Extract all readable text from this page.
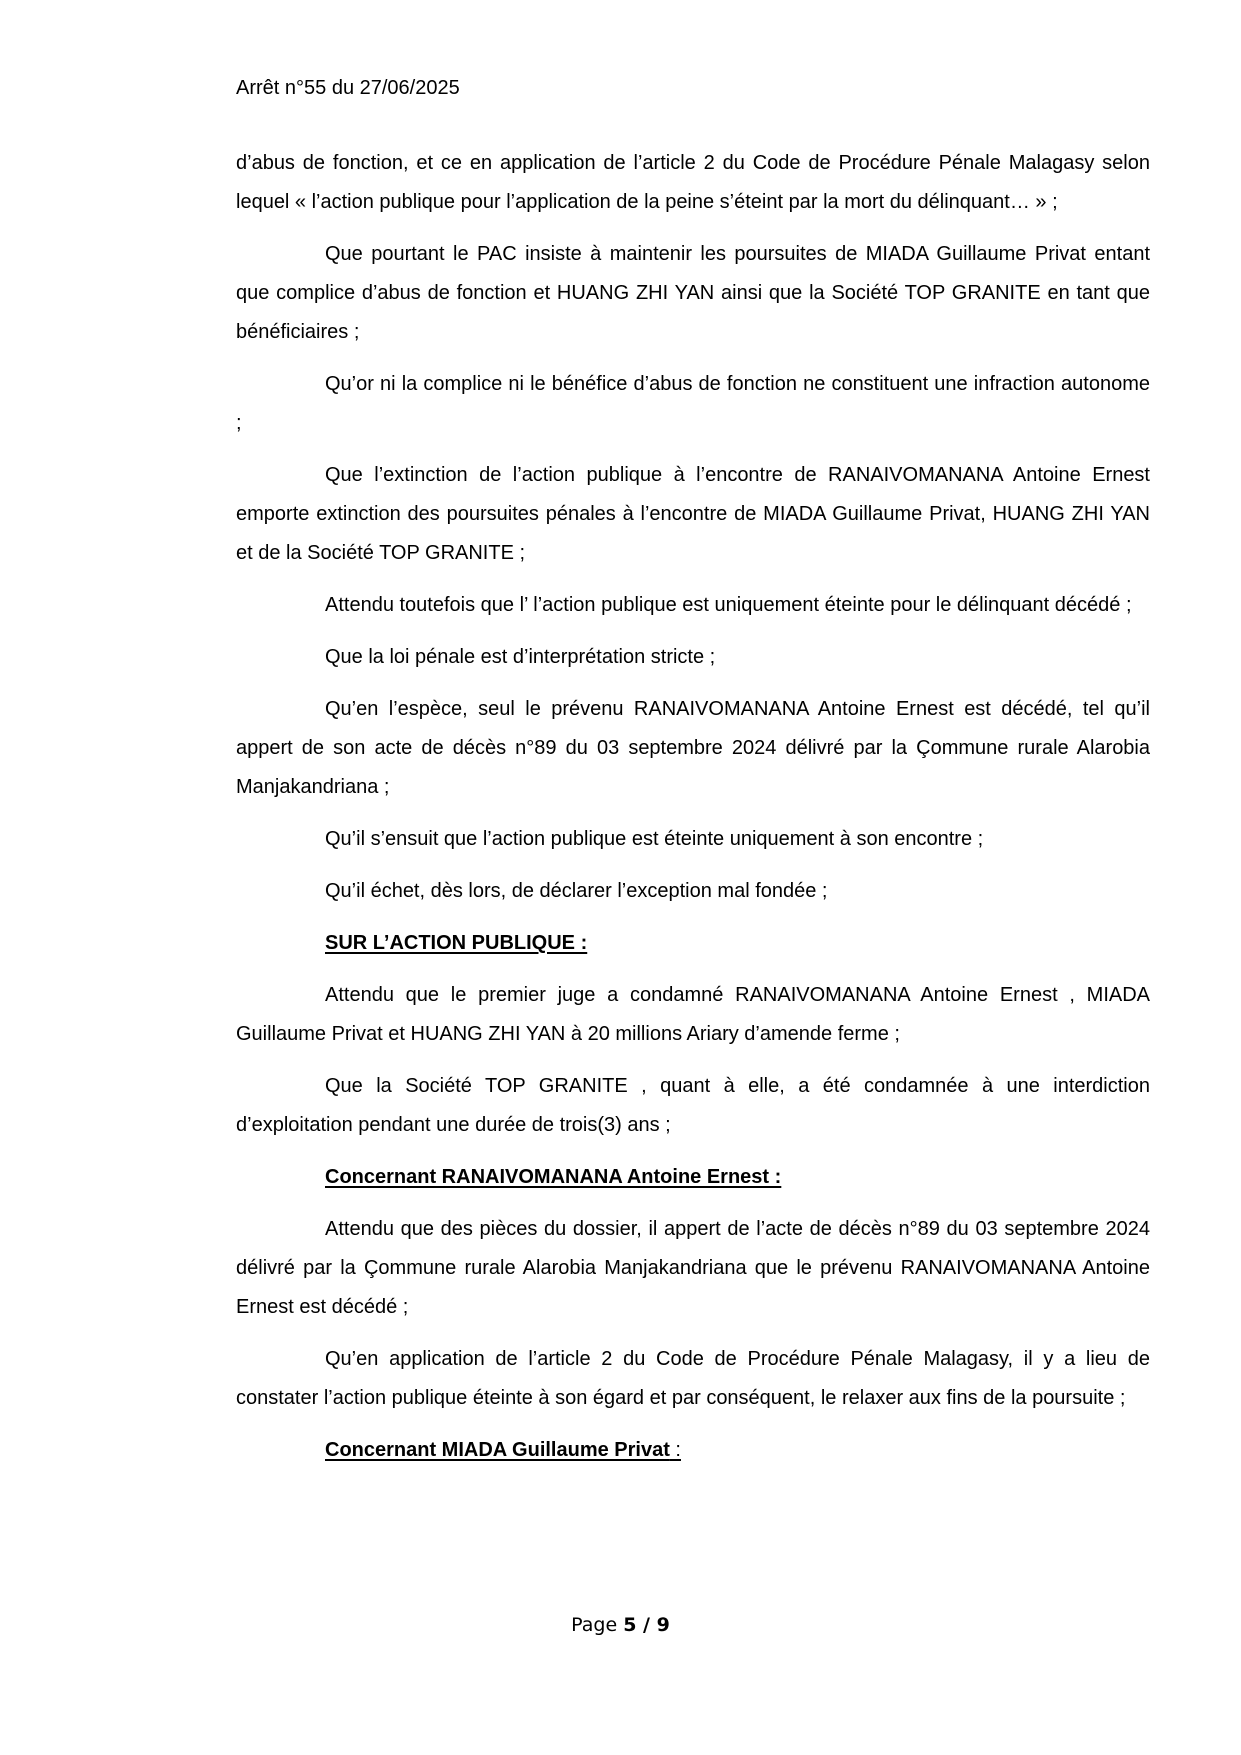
Arrêt n°55 du 27/06/2025

d’abus de fonction, et ce en application de l’article 2 du Code de Procédure Pénale Malagasy selon lequel « l’action publique pour l’application de la peine s’éteint par la mort du délinquant… » ;

Que pourtant le PAC insiste à maintenir les poursuites de MIADA Guillaume Privat entant que complice d’abus de fonction et HUANG ZHI YAN ainsi que la Société TOP GRANITE en tant que bénéficiaires ;

Qu’or ni la complice ni le bénéfice d’abus de fonction ne constituent une infraction autonome ;

Que l’extinction de l’action publique à l’encontre de RANAIVOMANANA Antoine Ernest emporte extinction des poursuites pénales à l’encontre de MIADA Guillaume Privat, HUANG ZHI YAN et de la Société TOP GRANITE ;

Attendu toutefois que l’ l’action publique est uniquement éteinte pour le délinquant décédé ;

Que la loi pénale est d’interprétation stricte ;

Qu’en l’espèce, seul le prévenu RANAIVOMANANA Antoine Ernest est décédé, tel qu’il appert de son acte de décès n°89 du 03 septembre 2024 délivré par la Çommune rurale Alarobia Manjakandriana ;

Qu’il s’ensuit que l’action publique est éteinte uniquement à son encontre ;

Qu’il échet, dès lors, de déclarer l’exception mal fondée ;

SUR L’ACTION PUBLIQUE :

Attendu que le premier juge a condamné RANAIVOMANANA Antoine Ernest , MIADA Guillaume Privat et HUANG ZHI YAN à 20 millions Ariary d’amende ferme ;

Que la Société TOP GRANITE , quant à elle, a été condamnée à une interdiction d’exploitation pendant une durée de trois(3) ans ;

Concernant RANAIVOMANANA Antoine Ernest :

Attendu que des pièces du dossier, il appert de l’acte de décès n°89 du 03 septembre 2024 délivré par la Çommune rurale Alarobia Manjakandriana que le prévenu RANAIVOMANANA Antoine Ernest est décédé ;

Qu’en application de l’article 2 du Code de Procédure Pénale Malagasy, il y a lieu de constater l’action publique éteinte à son égard et par conséquent, le relaxer aux fins de la poursuite ;

Concernant MIADA Guillaume Privat :

Page 5 / 9
